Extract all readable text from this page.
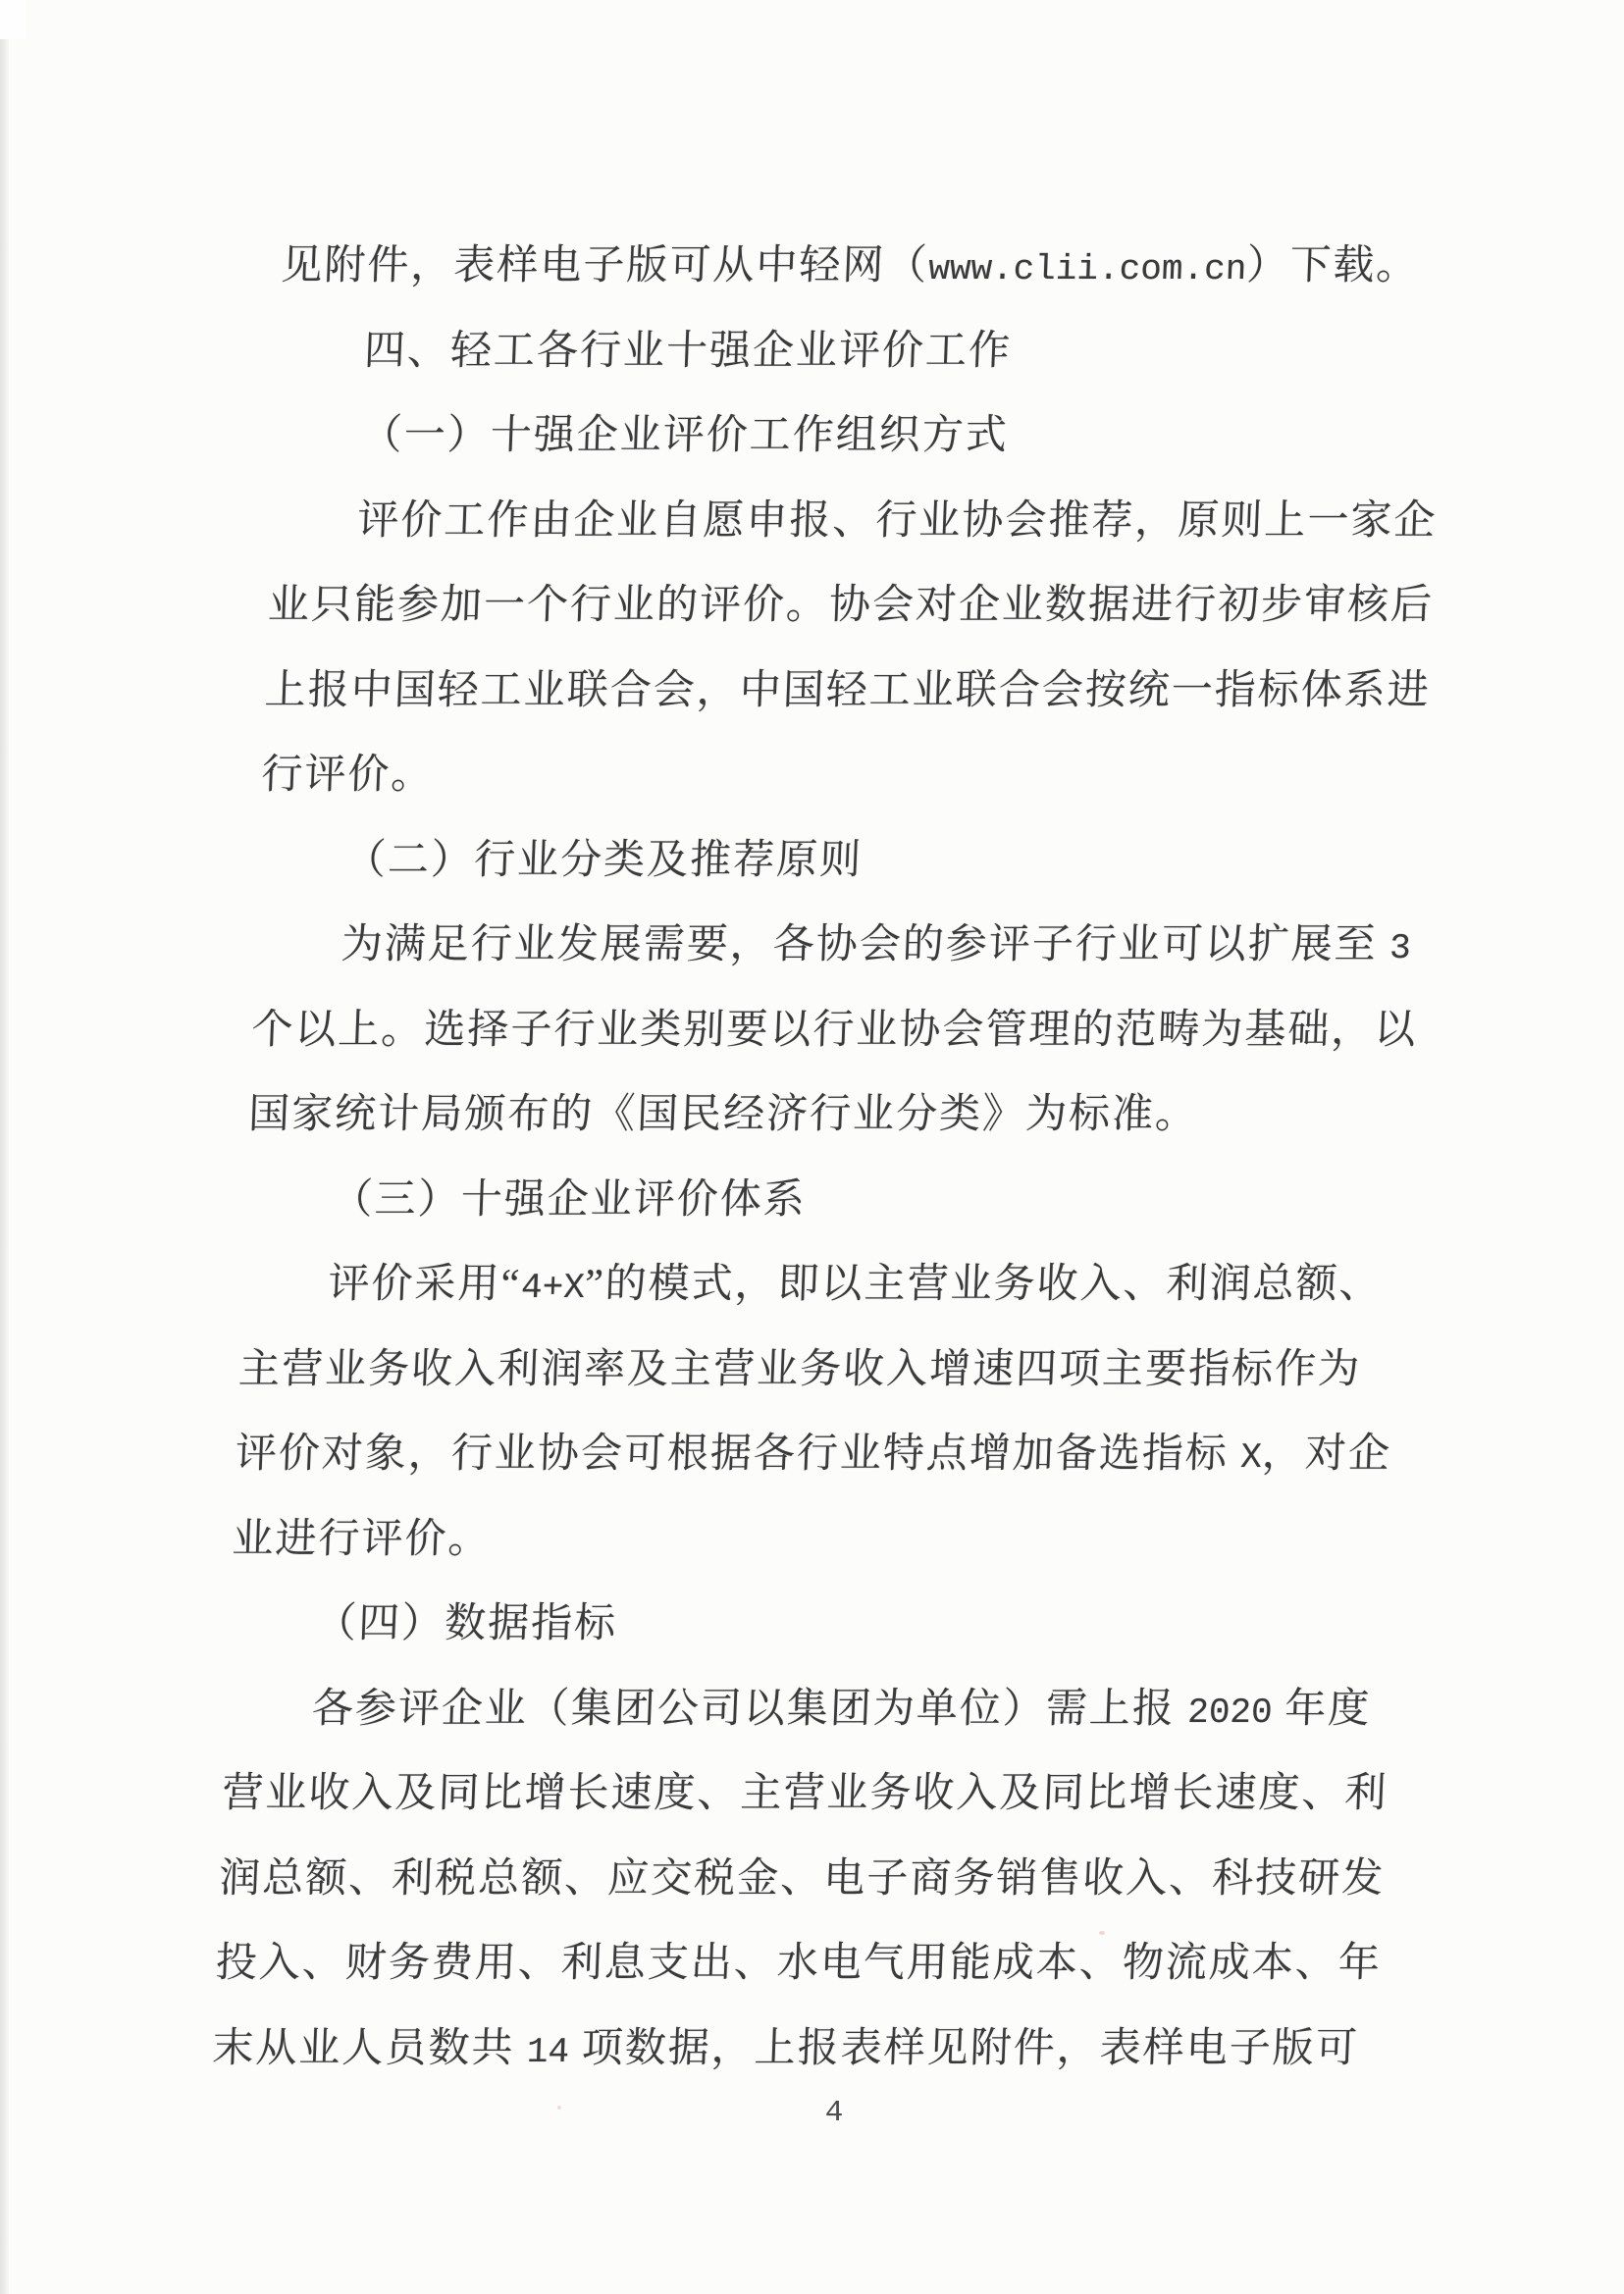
见附件，表样电子版可从中轻网（www.clii.com.cn）下载。
四、轻工各行业十强企业评价工作
（一）十强企业评价工作组织方式
评价工作由企业自愿申报、行业协会推荐，原则上一家企
业只能参加一个行业的评价。协会对企业数据进行初步审核后
上报中国轻工业联合会，中国轻工业联合会按统一指标体系进
行评价。
（二）行业分类及推荐原则
为满足行业发展需要，各协会的参评子行业可以扩展至 3
个以上。选择子行业类别要以行业协会管理的范畴为基础，以
国家统计局颁布的《国民经济行业分类》为标准。
（三）十强企业评价体系
评价采用“4+X”的模式，即以主营业务收入、利润总额、
主营业务收入利润率及主营业务收入增速四项主要指标作为
评价对象，行业协会可根据各行业特点增加备选指标 X，对企
业进行评价。
（四）数据指标
各参评企业（集团公司以集团为单位）需上报 2020 年度
营业收入及同比增长速度、主营业务收入及同比增长速度、利
润总额、利税总额、应交税金、电子商务销售收入、科技研发
投入、财务费用、利息支出、水电气用能成本、物流成本、年
末从业人员数共 14 项数据，上报表样见附件，表样电子版可
4
